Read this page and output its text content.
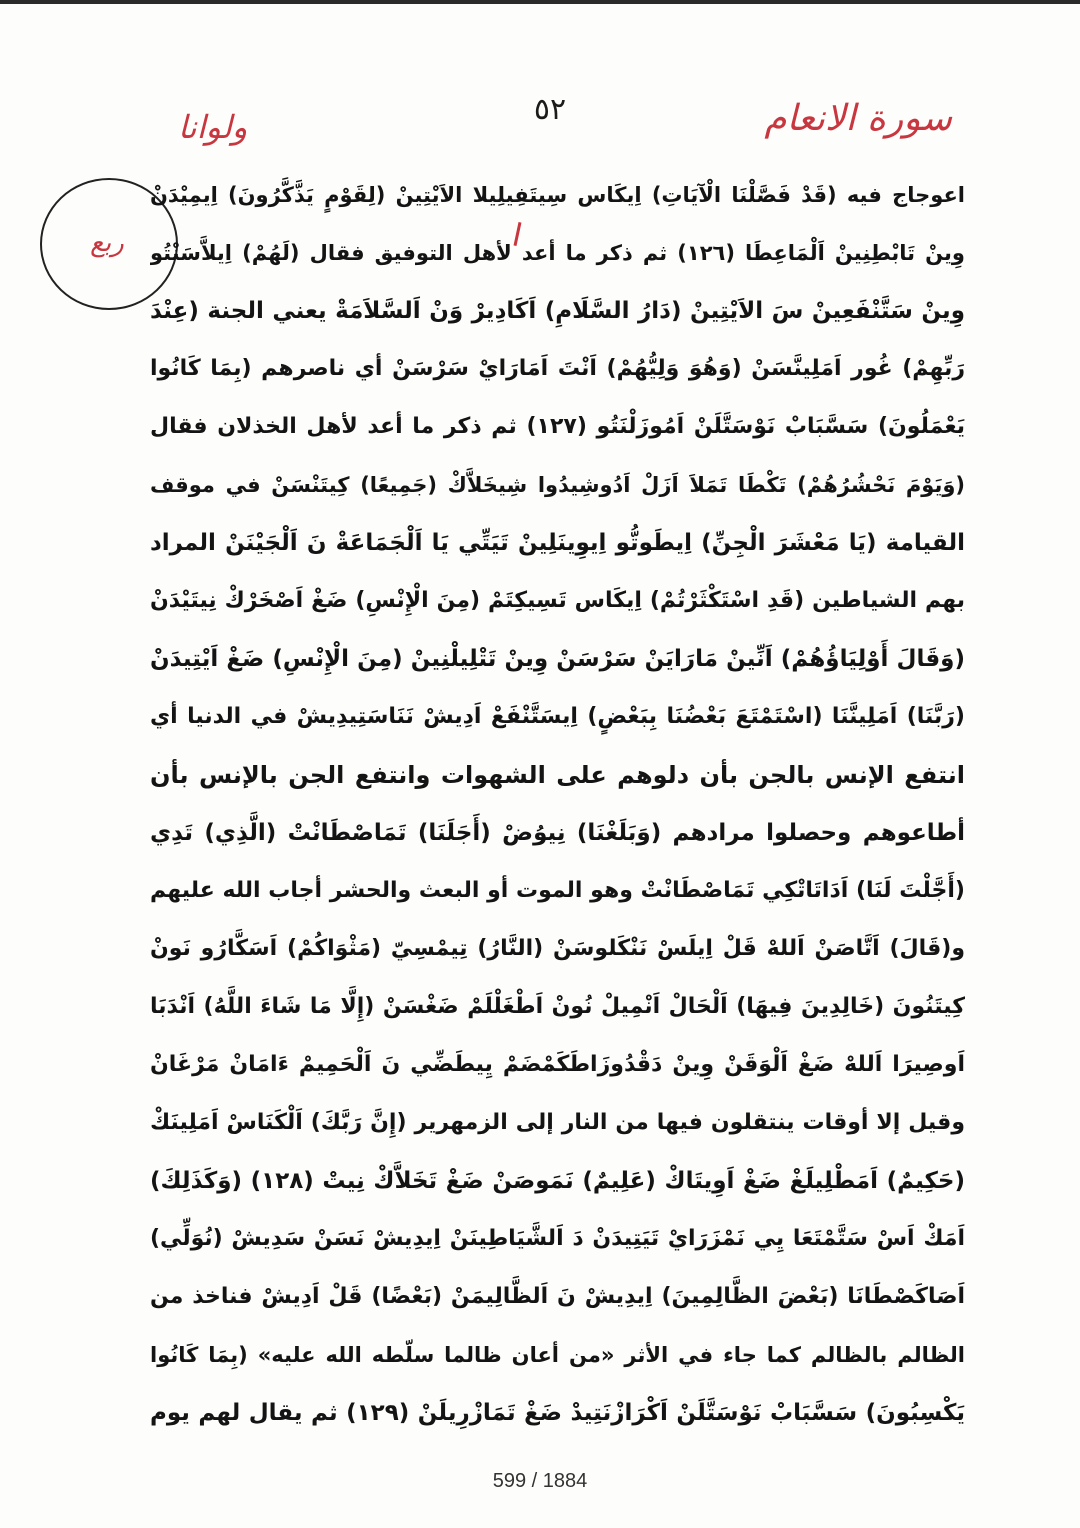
سورة الانعام
٥٢
ولوانا
ربع
اعوجاج فيه (قَدْ فَصَّلْنَا الْآيَاتِ) اِيكَاس سِيتَفِيلِيلا الاَيْتِينْ (لِقَوْمٍ يَذَّكَّرُونَ) اِيمِيْدَنْ
وِينْ تَابْطِنِينْ اَلْمَاعِطَا (١٢٦) ثم ذكر ما أعد لأهل التوفيق فقال (لَهُمْ) اِيلاَّسَنْتُو
وِينْ سَتَّنْفَعِينْ سَ الاَيْتِينْ (دَارُ السَّلَامِ) اَكَادِيرْ وَنْ اَلسَّلاَمَةْ يعني الجنة (عِنْدَ
رَبِّهِمْ) غُور اَمَلِينَّسَنْ (وَهُوَ وَلِيُّهُمْ) اَنْتَ اَمَارَايْ سَرْسَنْ أي ناصرهم (بِمَا كَانُوا
يَعْمَلُونَ) سَسَّبَابْ نَوْسَتَّلَنْ اَمُوزَلْنَتُو (١٢٧) ثم ذكر ما أعد لأهل الخذلان فقال
(وَيَوْمَ نَحْشُرُهُمْ) تَكْطَا تَمَلاَ اَزَلْ اَدُوشِيدُوا شِيخَلاَّكْ (جَمِيعًا) كِيتَنْسَنْ في موقف
القيامة (يَا مَعْشَرَ الْجِنِّ) اِيطَوتُّو اِيوِينَلِينْ تَيَتِّي يَا اَلْجَمَاعَةْ نَ اَلْجَيْنَنْ المراد
بهم الشياطين (قَدِ اسْتَكْثَرْتُمْ) اِيكَاس تَسِيكِتَمْ (مِنَ الْإِنْسِ) ضَغْ اَصْخَرْكْ نِيتَيْدَنْ
(وَقَالَ أَوْلِيَاؤُهُمْ) اَنِّينْ مَارَايَنْ سَرْسَنْ وِينْ تَتْلِيلْنِينْ (مِنَ الْإِنْسِ) ضَغْ اَيْتِيدَنْ
(رَبَّنَا) اَمَلِينَّنَا (اسْتَمْتَعَ بَعْضُنَا بِبَعْضٍ) اِيسَتَّنْفَعْ اَدِيشْ نَنَاسَتِيدِيشْ في الدنيا أي
انتفع الإنس بالجن بأن دلوهم على الشهوات وانتفع الجن بالإنس بأن
أطاعوهم وحصلوا مرادهم (وَبَلَغْنَا) نِيوُضْ (أَجَلَنَا) تَمَاصْطَانْتْ (الَّذِي) تَدِي
(أَجَّلْتَ لَنَا) اَدَاتَاتْكِي تَمَاصْطَانْتْ وهو الموت أو البعث والحشر أجاب الله عليهم
و(قَالَ) اَتَّاصَنْ اَللهْ قَلْ اِيلَسْ نَنْكَلوسَنْ (النَّارُ) تِيمْسِيّ (مَثْوَاكُمْ) اَسَكَّارُو نَونْ
كِيتَنُونَ (خَالِدِينَ فِيهَا) اَلْحَالْ اَنْمِيلْ نُونْ اَطْغَلْلَمْ ضَغْسَنْ (إِلَّا مَا شَاءَ اللَّهُ) اَنْدَبَا
اَوصِيرَا اَللهْ ضَغْ اَلْوَقَنْ وِينْ دَقْدُوزَاطَكَمْضَمْ يِيطَضِّي نَ اَلْحَمِيمْ ءَامَانْ مَرْغَانْ
وقيل إلا أوقات ينتقلون فيها من النار إلى الزمهرير (إِنَّ رَبَّكَ) اَلْكَنَاسْ اَمَلِينَكْ
(حَكِيمٌ) اَمَطْلِيلَغْ ضَغْ اَوِيتَاكْ (عَلِيمٌ) نَمَوصَنْ ضَغْ تَخَلاَّكْ نِيتْ (١٢٨) (وَكَذَلِكَ)
اَمَكْ اَسْ سَتَّمْتَعَا يِي نَمْزَرَايْ تَيَتِيدَنْ دَ اَلشَّيَاطِينَنْ اِيدِيشْ نَسَنْ سَدِيشْ (نُوَلِّي)
اَصَاكَصْطَانَا (بَعْضَ الظَّالِمِينَ) اِيدِيشْ نَ اَلظَّالِيمَنْ (بَعْضًا) قَلْ اَدِيشْ فناخذ من
الظالم بالظالم كما جاء في الأثر «من أعان ظالما سلّطه الله عليه» (بِمَا كَانُوا
يَكْسِبُونَ) سَسَّبَابْ نَوْسَتَّلَنْ اَكْرَازْنَتِيدْ ضَغْ تَمَازْرِيلَنْ (١٢٩) ثم يقال لهم يوم
599 / 1884
